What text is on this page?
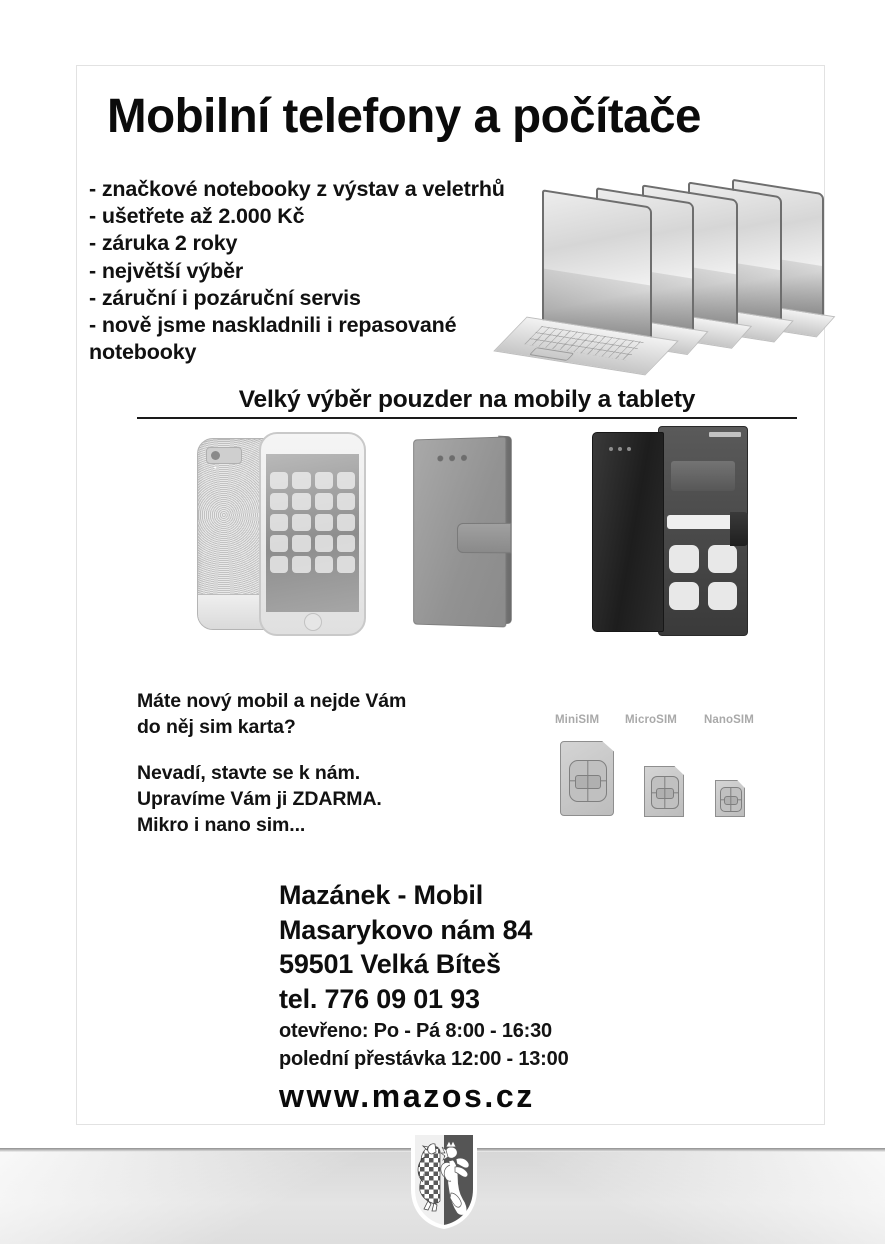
Mobilní telefony a počítače
- značkové notebooky z výstav a veletrhů
- ušetřete až 2.000 Kč
- záruka 2 roky
- největší výběr
- záruční i pozáruční servis
- nově jsme naskladnili i repasované notebooky
Velký výběr pouzder na mobily a tablety
Máte nový mobil a nejde Vám
do něj sim karta?
Nevadí, stavte se k nám.
Upravíme Vám ji ZDARMA.
Mikro i nano sim...
MiniSIM MicroSIM NanoSIM
Mazánek - Mobil
Masarykovo nám 84
59501 Velká Bíteš
tel. 776 09 01 93
otevřeno: Po - Pá 8:00 - 16:30
polední přestávka 12:00 - 13:00
www.mazos.cz
